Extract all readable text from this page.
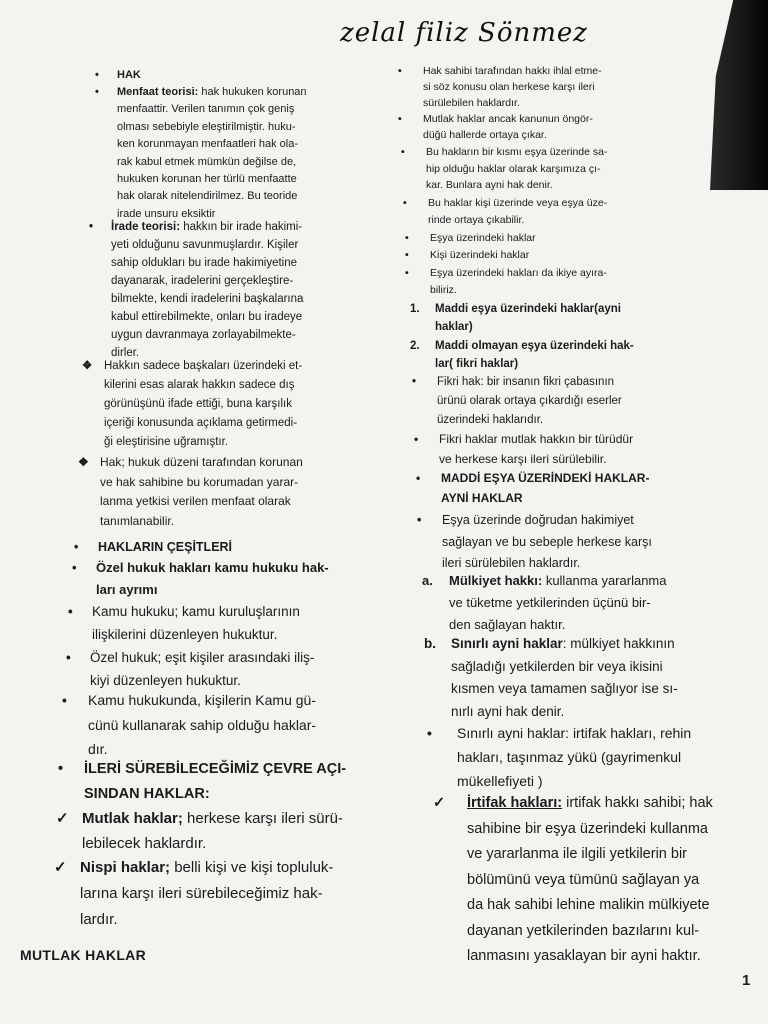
zelal filiz Sönmez
•	HAK
•	Menfaat teorisi: hak hukuken korunan
menfaattir. Verilen tanımın çok geniş
olması sebebiyle eleştirilmiştir. huku-
ken korunmayan menfaatleri hak ola-
rak kabul etmek mümkün değilse de,
hukuken korunan her türlü menfaatte
hak olarak nitelendirilmez. Bu teoride
irade unsuru eksiktir
•	İrade teorisi: hakkın bir irade hakimi-
yeti olduğunu savunmuşlardır. Kişiler
sahip oldukları bu irade hakimiyetine
dayanarak, iradelerini gerçekleştire-
bilmekte, kendi iradelerini başkalarına
kabul ettirebilmekte, onları bu iradeye
uygun davranmaya zorlayabilmekte-
dirler.
❖	Hakkın sadece başkaları üzerindeki et-
kilerini esas alarak hakkın sadece dış
görünüşünü ifade ettiği, buna karşılık
içeriği konusunda açıklama getirmedi-
ği eleştirisine uğramıştır.
❖ Hak; hukuk düzeni tarafından korunan
ve hak sahibine bu korumadan yarar-
lanma yetkisi verilen menfaat olarak
tanımlanabilir.
•	HAKLARIN ÇEŞİTLERİ
•	Özel hukuk hakları kamu hukuku hak-
ları ayrımı
•	Kamu hukuku; kamu kuruluşlarının
ilişkilerini düzenleyen hukuktur.
•	Özel hukuk; eşit kişiler arasındaki iliş-
kiyi düzenleyen hukuktur.
•	Kamu hukukunda, kişilerin Kamu gü-
cünü kullanarak sahip olduğu haklar-
dır.
•	İLERİ SÜREBİLECEĞİMİZ ÇEVRE AÇI-
SINDAN HAKLAR:
✓ Mutlak haklar; herkese karşı ileri sürü-
lebilecek haklardır.
✓ Nispi haklar; belli kişi ve kişi topluluk-
larına karşı ileri sürebileceğimiz hak-
lardır.
MUTLAK HAKLAR
•	Hak sahibi tarafından hakkı ihlal etme-
si söz konusu olan herkese karşı ileri
sürülebilen haklardır.
•	Mutlak haklar ancak kanunun öngör-
düğü hallerde ortaya çıkar.
•	Bu hakların bir kısmı eşya üzerinde sa-
hip olduğu haklar olarak karşımıza çı-
kar. Bunlara ayni hak denir.
•	Bu haklar kişi üzerinde veya eşya üze-
rinde ortaya çıkabilir.
•	Eşya üzerindeki haklar
•	Kişi üzerindeki haklar
•	Eşya üzerindeki hakları da ikiye ayıra-
biliriz.
1.	Maddi eşya üzerindeki haklar(ayni
haklar)
2.	Maddi olmayan eşya üzerindeki hak-
lar( fikri haklar)
•	Fikri hak: bir insanın fikri çabasının
ürünü olarak ortaya çıkardığı eserler
üzerindeki haklarıdır.
•	Fikri haklar mutlak hakkın bir türüdür
ve herkese karşı ileri sürülebilir.
•	MADDİ EŞYA ÜZERİNDEKİ HAKLAR-
AYNİ HAKLAR
•	Eşya üzerinde doğrudan hakimiyet
sağlayan ve bu sebeple herkese karşı
ileri sürülebilen haklardır.
a.	Mülkiyet hakkı: kullanma yararlanma
ve tüketme yetkilerinden üçünü bir-
den sağlayan haktır.
b.	Sınırlı ayni haklar: mülkiyet hakkının
sağladığı yetkilerden bir veya ikisini
kısmen veya tamamen sağlıyor ise sı-
nırlı ayni hak denir.
•	Sınırlı ayni haklar: irtifak hakları, rehin
hakları, taşınmaz yükü (gayrimenkul
mükellefiyeti )
✓	İrtifak hakları: irtifak hakkı sahibi; hak
sahibine bir eşya üzerindeki kullanma
ve yararlanma ile ilgili yetkilerin bir
bölümünü veya tümünü sağlayan ya
da hak sahibi lehine malikin mülkiyete
dayanan yetkilerinden bazılarını kul-
lanmasını yasaklayan bir ayni haktır.
1
